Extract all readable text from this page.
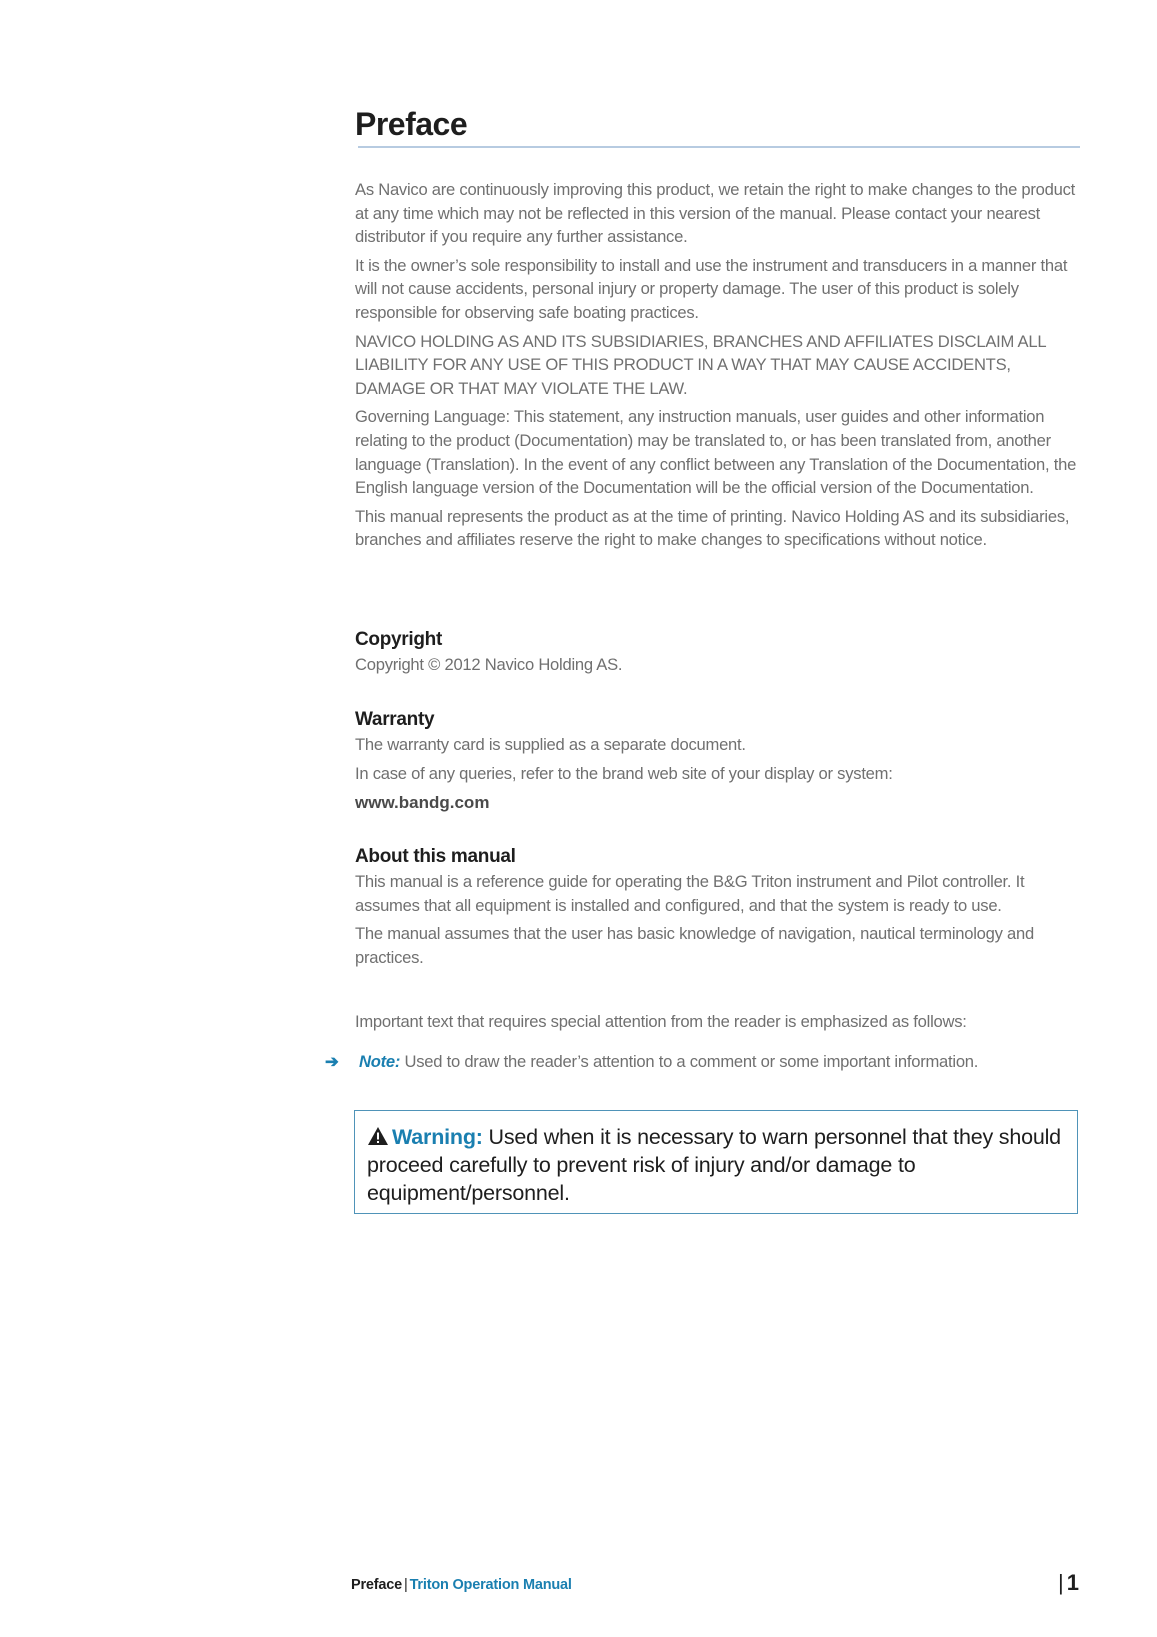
Preface

As Navico are continuously improving this product, we retain the right to make changes to the product at any time which may not be reflected in this version of the manual. Please contact your nearest distributor if you require any further assistance.

It is the owner’s sole responsibility to install and use the instrument and transducers in a manner that will not cause accidents, personal injury or property damage. The user of this product is solely responsible for observing safe boating practices.

NAVICO HOLDING AS AND ITS SUBSIDIARIES, BRANCHES AND AFFILIATES DISCLAIM ALL LIABILITY FOR ANY USE OF THIS PRODUCT IN A WAY THAT MAY CAUSE ACCIDENTS, DAMAGE OR THAT MAY VIOLATE THE LAW.

Governing Language: This statement, any instruction manuals, user guides and other information relating to the product (Documentation) may be translated to, or has been translated from, another language (Translation). In the event of any conflict between any Translation of the Documentation, the English language version of the Documentation will be the official version of the Documentation.

This manual represents the product as at the time of printing. Navico Holding AS and its subsidiaries, branches and affiliates reserve the right to make changes to specifications without notice.

Copyright

Copyright © 2012 Navico Holding AS.

Warranty

The warranty card is supplied as a separate document.

In case of any queries, refer to the brand web site of your display or system:

www.bandg.com

About this manual

This manual is a reference guide for operating the B&G Triton instrument and Pilot controller. It assumes that all equipment is installed and configured, and that the system is ready to use.

The manual assumes that the user has basic knowledge of navigation, nautical terminology and practices.

Important text that requires special attention from the reader is emphasized as follows:

➔ Note: Used to draw the reader’s attention to a comment or some important information.
Warning: Used when it is necessary to warn personnel that they should proceed carefully to prevent risk of injury and/or damage to equipment/personnel.
Preface | Triton Operation Manual	| 1
